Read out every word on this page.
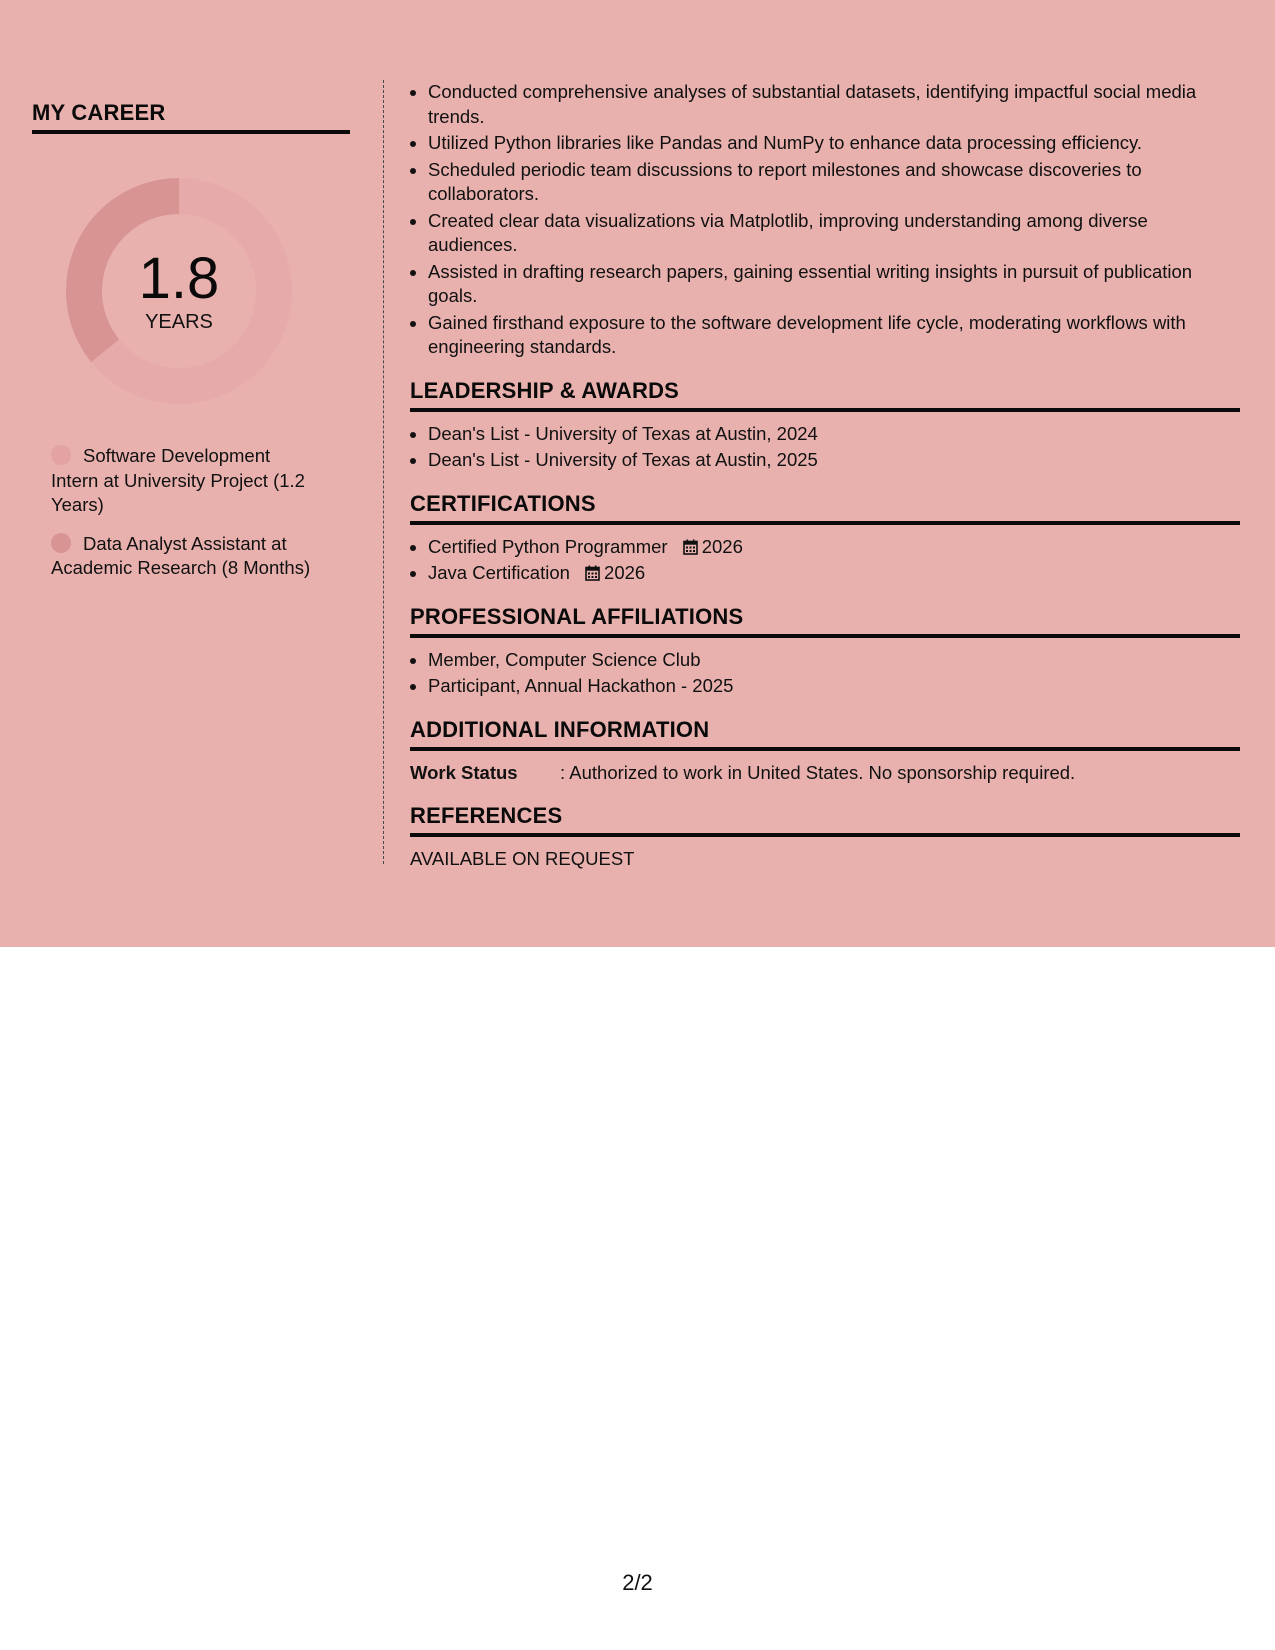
MY CAREER
1.8
YEARS
Software Development Intern at University Project (1.2 Years)
Data Analyst Assistant at Academic Research (8 Months)
• Conducted comprehensive analyses of substantial datasets, identifying impactful social media trends.
• Utilized Python libraries like Pandas and NumPy to enhance data processing efficiency.
• Scheduled periodic team discussions to report milestones and showcase discoveries to collaborators.
• Created clear data visualizations via Matplotlib, improving understanding among diverse audiences.
• Assisted in drafting research papers, gaining essential writing insights in pursuit of publication goals.
• Gained firsthand exposure to the software development life cycle, moderating workflows with engineering standards.
LEADERSHIP & AWARDS
• Dean's List - University of Texas at Austin, 2024
• Dean's List - University of Texas at Austin, 2025
CERTIFICATIONS
• Certified Python Programmer 2026
• Java Certification 2026
PROFESSIONAL AFFILIATIONS
• Member, Computer Science Club
• Participant, Annual Hackathon - 2025
ADDITIONAL INFORMATION
Work Status	: Authorized to work in United States. No sponsorship required.
REFERENCES

AVAILABLE ON REQUEST

2/2
